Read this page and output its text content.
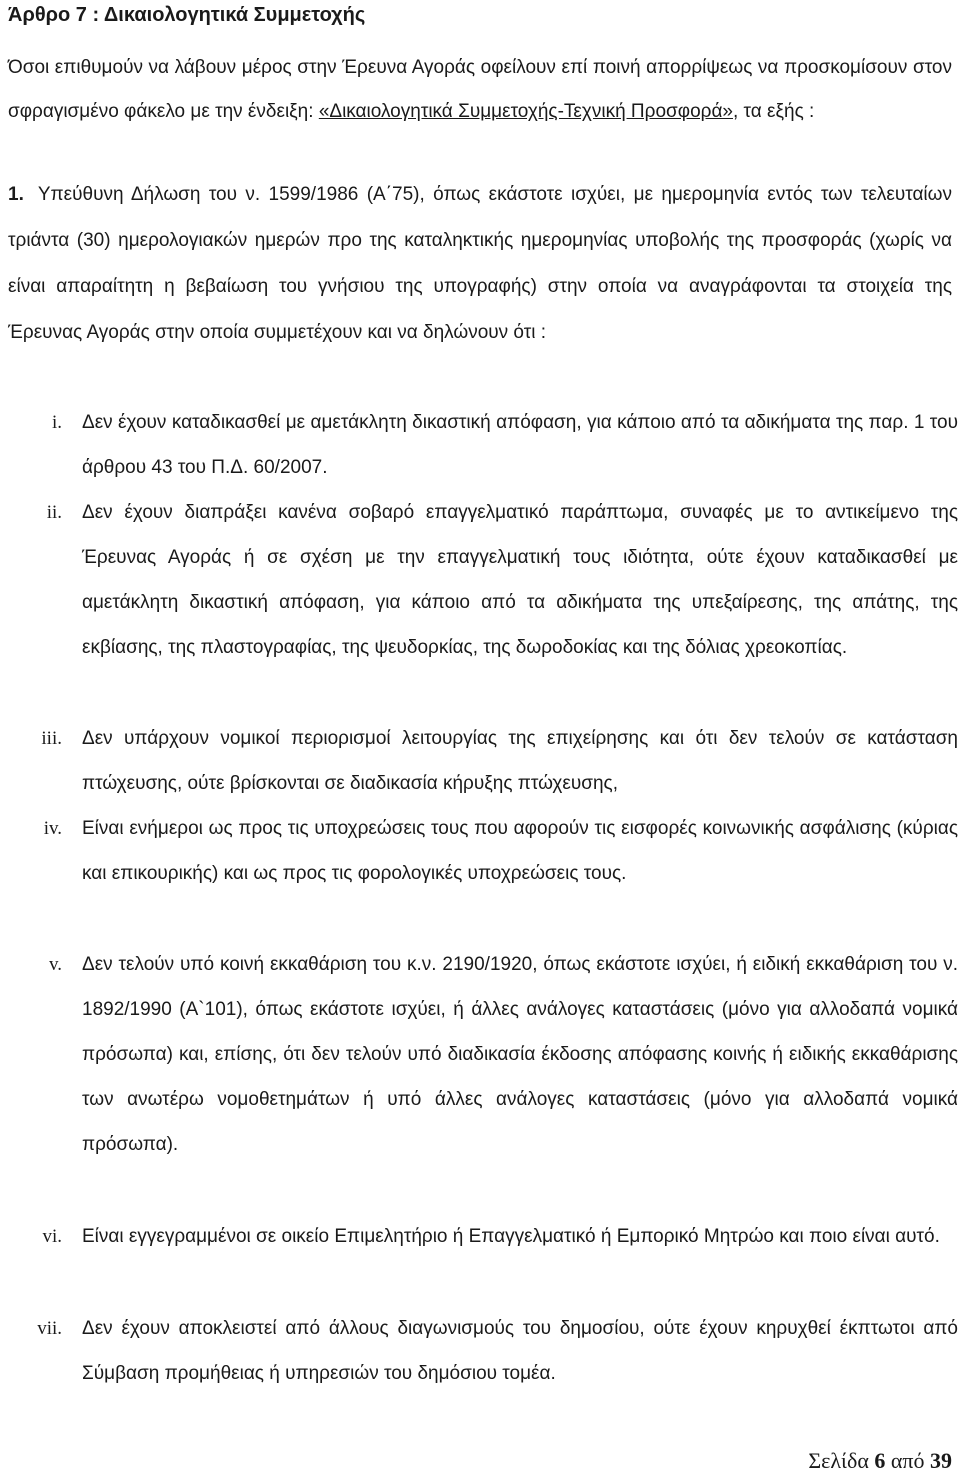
Άρθρο 7 : Δικαιολογητικά Συμμετοχής
Όσοι επιθυμούν να λάβουν μέρος στην Έρευνα Αγοράς οφείλουν επί ποινή απορρίψεως να προσκομίσουν στον σφραγισμένο φάκελο με την ένδειξη: «Δικαιολογητικά Συμμετοχής-Τεχνική Προσφορά», τα εξής :
1. Υπεύθυνη Δήλωση του ν. 1599/1986 (Α΄75), όπως εκάστοτε ισχύει, με ημερομηνία εντός των τελευταίων τριάντα (30) ημερολογιακών ημερών προ της καταληκτικής ημερομηνίας υποβολής της προσφοράς (χωρίς να είναι απαραίτητη η βεβαίωση του γνήσιου της υπογραφής) στην οποία να αναγράφονται τα στοιχεία της Έρευνας Αγοράς στην οποία συμμετέχουν και να δηλώνουν ότι :
i. Δεν έχουν καταδικασθεί με αμετάκλητη δικαστική απόφαση, για κάποιο από τα αδικήματα της παρ. 1 του άρθρου 43 του Π.Δ. 60/2007.
ii. Δεν έχουν διαπράξει κανένα σοβαρό επαγγελματικό παράπτωμα, συναφές με το αντικείμενο της Έρευνας Αγοράς ή σε σχέση με την επαγγελματική τους ιδιότητα, ούτε έχουν καταδικασθεί με αμετάκλητη δικαστική απόφαση, για κάποιο από τα αδικήματα της υπεξαίρεσης, της απάτης, της εκβίασης, της πλαστογραφίας, της ψευδορκίας, της δωροδοκίας και της δόλιας χρεοκοπίας.
iii. Δεν υπάρχουν νομικοί περιορισμοί λειτουργίας της επιχείρησης και ότι δεν τελούν σε κατάσταση πτώχευσης, ούτε βρίσκονται σε διαδικασία κήρυξης πτώχευσης,
iv. Είναι ενήμεροι ως προς τις υποχρεώσεις τους που αφορούν τις εισφορές κοινωνικής ασφάλισης (κύριας και επικουρικής) και ως προς τις φορολογικές υποχρεώσεις τους.
v. Δεν τελούν υπό κοινή εκκαθάριση του κ.ν. 2190/1920, όπως εκάστοτε ισχύει, ή ειδική εκκαθάριση του ν. 1892/1990 (Α`101), όπως εκάστοτε ισχύει, ή άλλες ανάλογες καταστάσεις (μόνο για αλλοδαπά νομικά πρόσωπα) και, επίσης, ότι δεν τελούν υπό διαδικασία έκδοσης απόφασης κοινής ή ειδικής εκκαθάρισης των ανωτέρω νομοθετημάτων ή υπό άλλες ανάλογες καταστάσεις (μόνο για αλλοδαπά νομικά πρόσωπα).
vi. Είναι εγγεγραμμένοι σε οικείο Επιμελητήριο ή Επαγγελματικό ή Εμπορικό Μητρώο και ποιο είναι αυτό.
vii. Δεν έχουν αποκλειστεί από άλλους διαγωνισμούς του δημοσίου, ούτε έχουν κηρυχθεί έκπτωτοι από Σύμβαση προμήθειας ή υπηρεσιών του δημόσιου τομέα.
Σελίδα 6 από 39
